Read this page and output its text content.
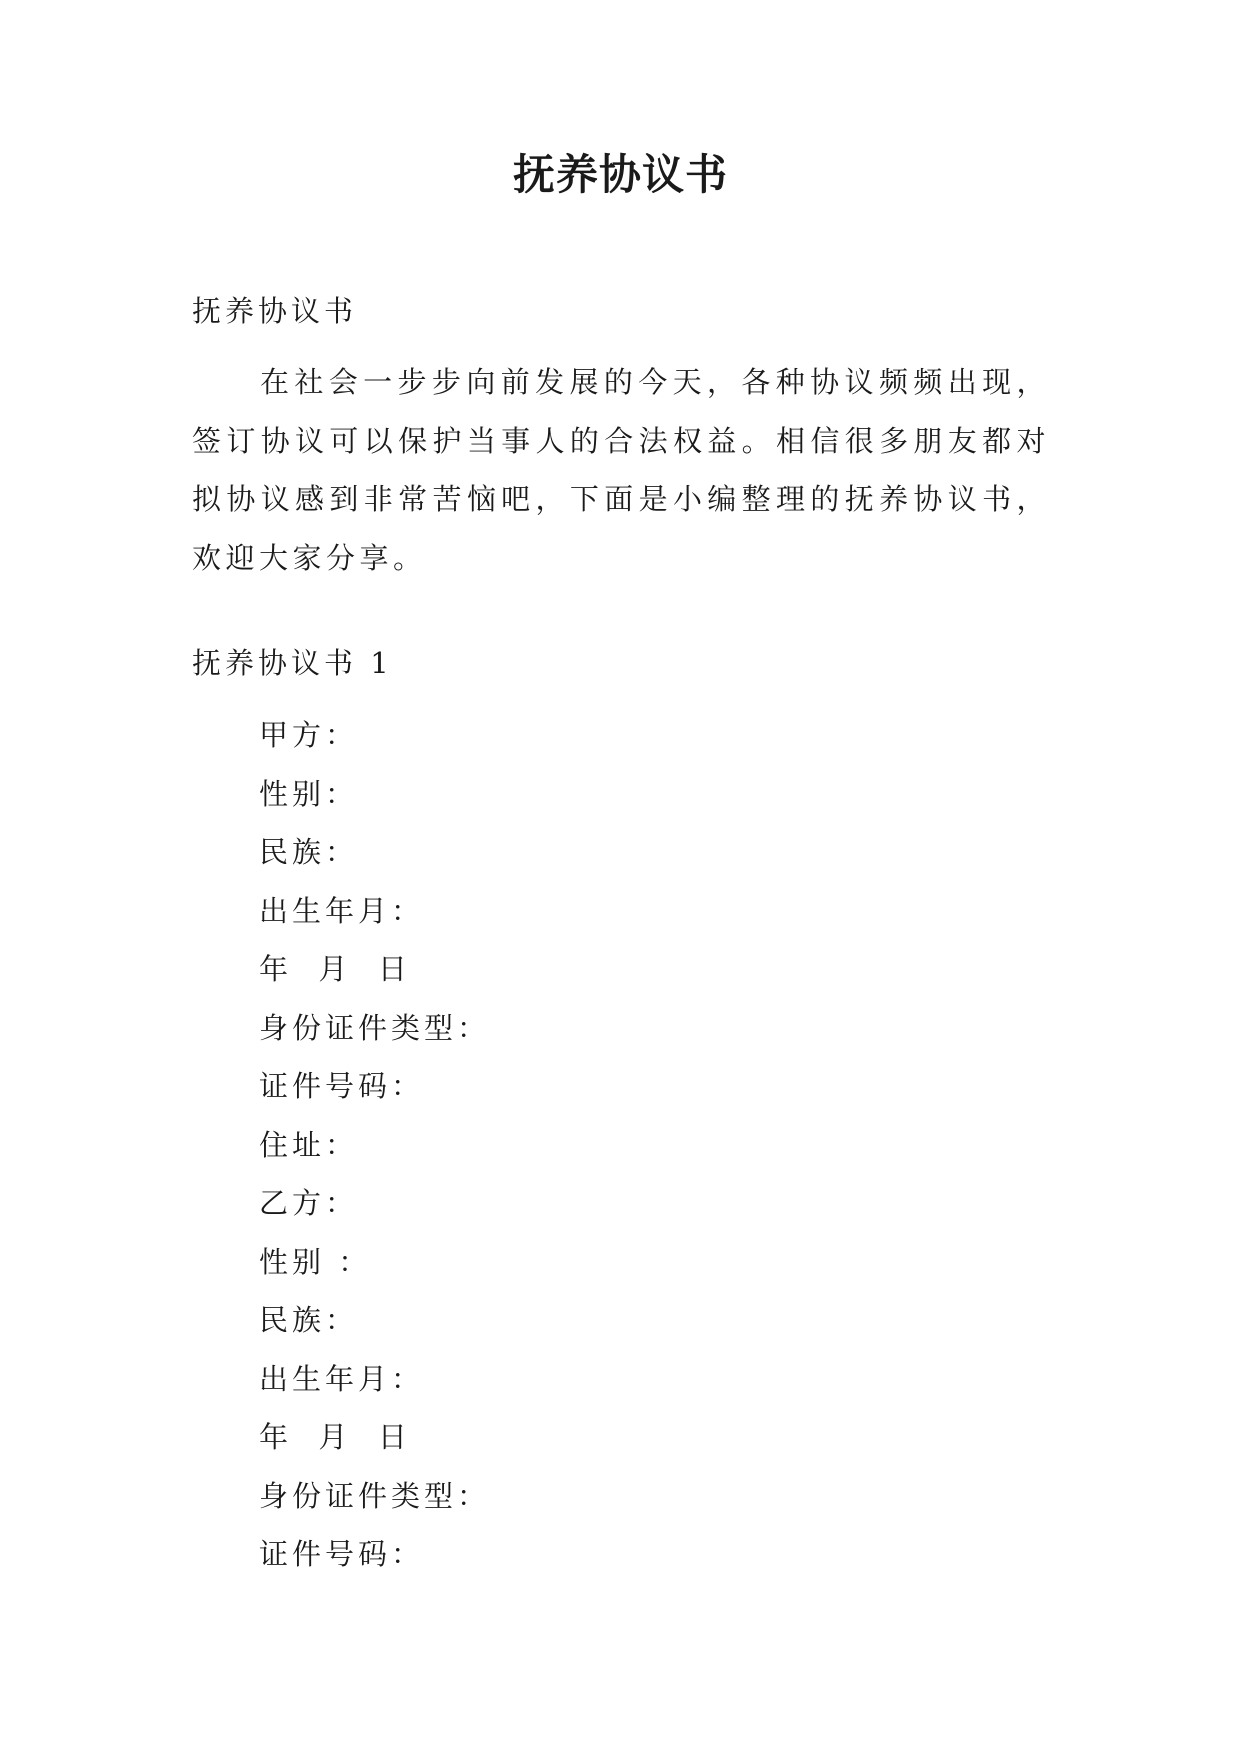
抚养协议书
抚养协议书

在社会一步步向前发展的今天，各种协议频频出现，签订协议可以保护当事人的合法权益。相信很多朋友都对拟协议感到非常苦恼吧，下面是小编整理的抚养协议书，欢迎大家分享。

抚养协议书 1
甲方：
性别：
民族：
出生年月：
年  月  日
身份证件类型：
证件号码：
住址：
乙方：
性别 ：
民族：
出生年月：
年  月  日
身份证件类型：
证件号码：
